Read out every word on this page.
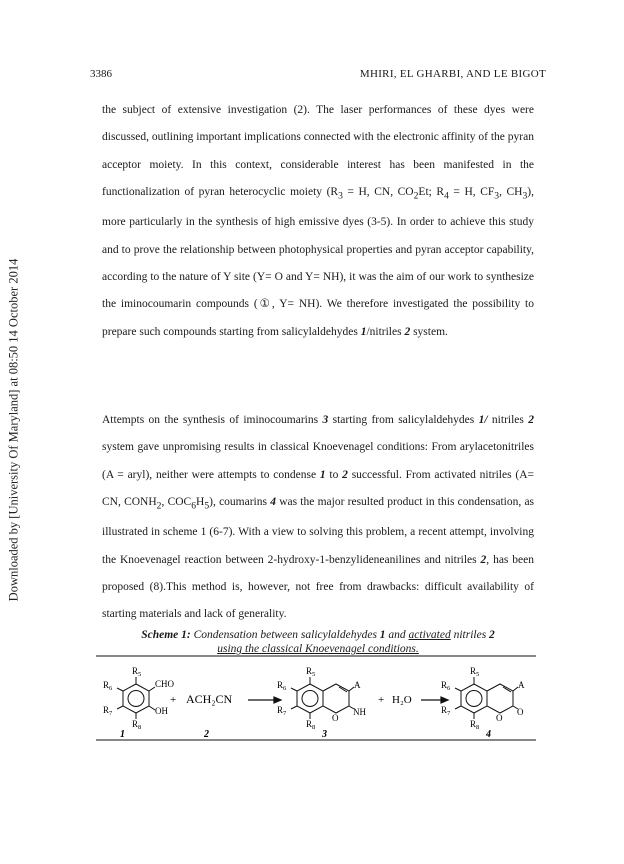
3386	MHIRI, EL GHARBI, AND LE BIGOT
Downloaded by [University Of Maryland] at 08:50 14 October 2014

the subject of extensive investigation (2). The laser performances of these dyes were discussed, outlining important implications connected with the electronic affinity of the pyran acceptor moiety. In this context, considerable interest has been manifested in the functionalization of pyran heterocyclic moiety ($R_3 = H$, CN, $CO_2Et$; $R_4 = H$, $CF_3$, $CH_3$), more particularly in the synthesis of high emissive dyes (3-5). In order to achieve this study and to prove the relationship between photophysical properties and pyran acceptor capability, according to the nature of Y site (Y= O and Y= NH), it was the aim of our work to synthesize the iminocoumarin compounds (①, Y= NH). We therefore investigated the possibility to prepare such compounds starting from salicylaldehydes 1/nitriles 2 system.

Attempts on the synthesis of iminocoumarins 3 starting from salicylaldehydes 1/ nitriles 2 system gave unpromising results in classical Knoevenagel conditions: From arylacetonitriles (A = aryl), neither were attempts to condense 1 to 2 successful. From activated nitriles (A= CN, $CONH_2$, $COC_6H_5$), coumarins 4 was the major resulted product in this condensation, as illustrated in scheme 1 (6-7). With a view to solving this problem, a recent attempt, involving the Knoevenagel reaction between 2-hydroxy-1-benzylideneanilines and nitriles 2, has been proposed (8).This method is, however, not free from drawbacks: difficult availability of starting materials and lack of generality.

Scheme 1: Condensation between salicylaldehydes 1 and activated nitriles 2
using the classical Knoevenagel conditions.
$R_5$
$R_6$
$R_7$
$R_8$
CHO
OH
1
+ ACH₂CN
2
$R_5$
$R_6$
$R_7$
$R_8$
A
O
NH
3
+ H₂O
$R_5$
$R_6$
$R_7$
$R_8$
A
O
O
4
